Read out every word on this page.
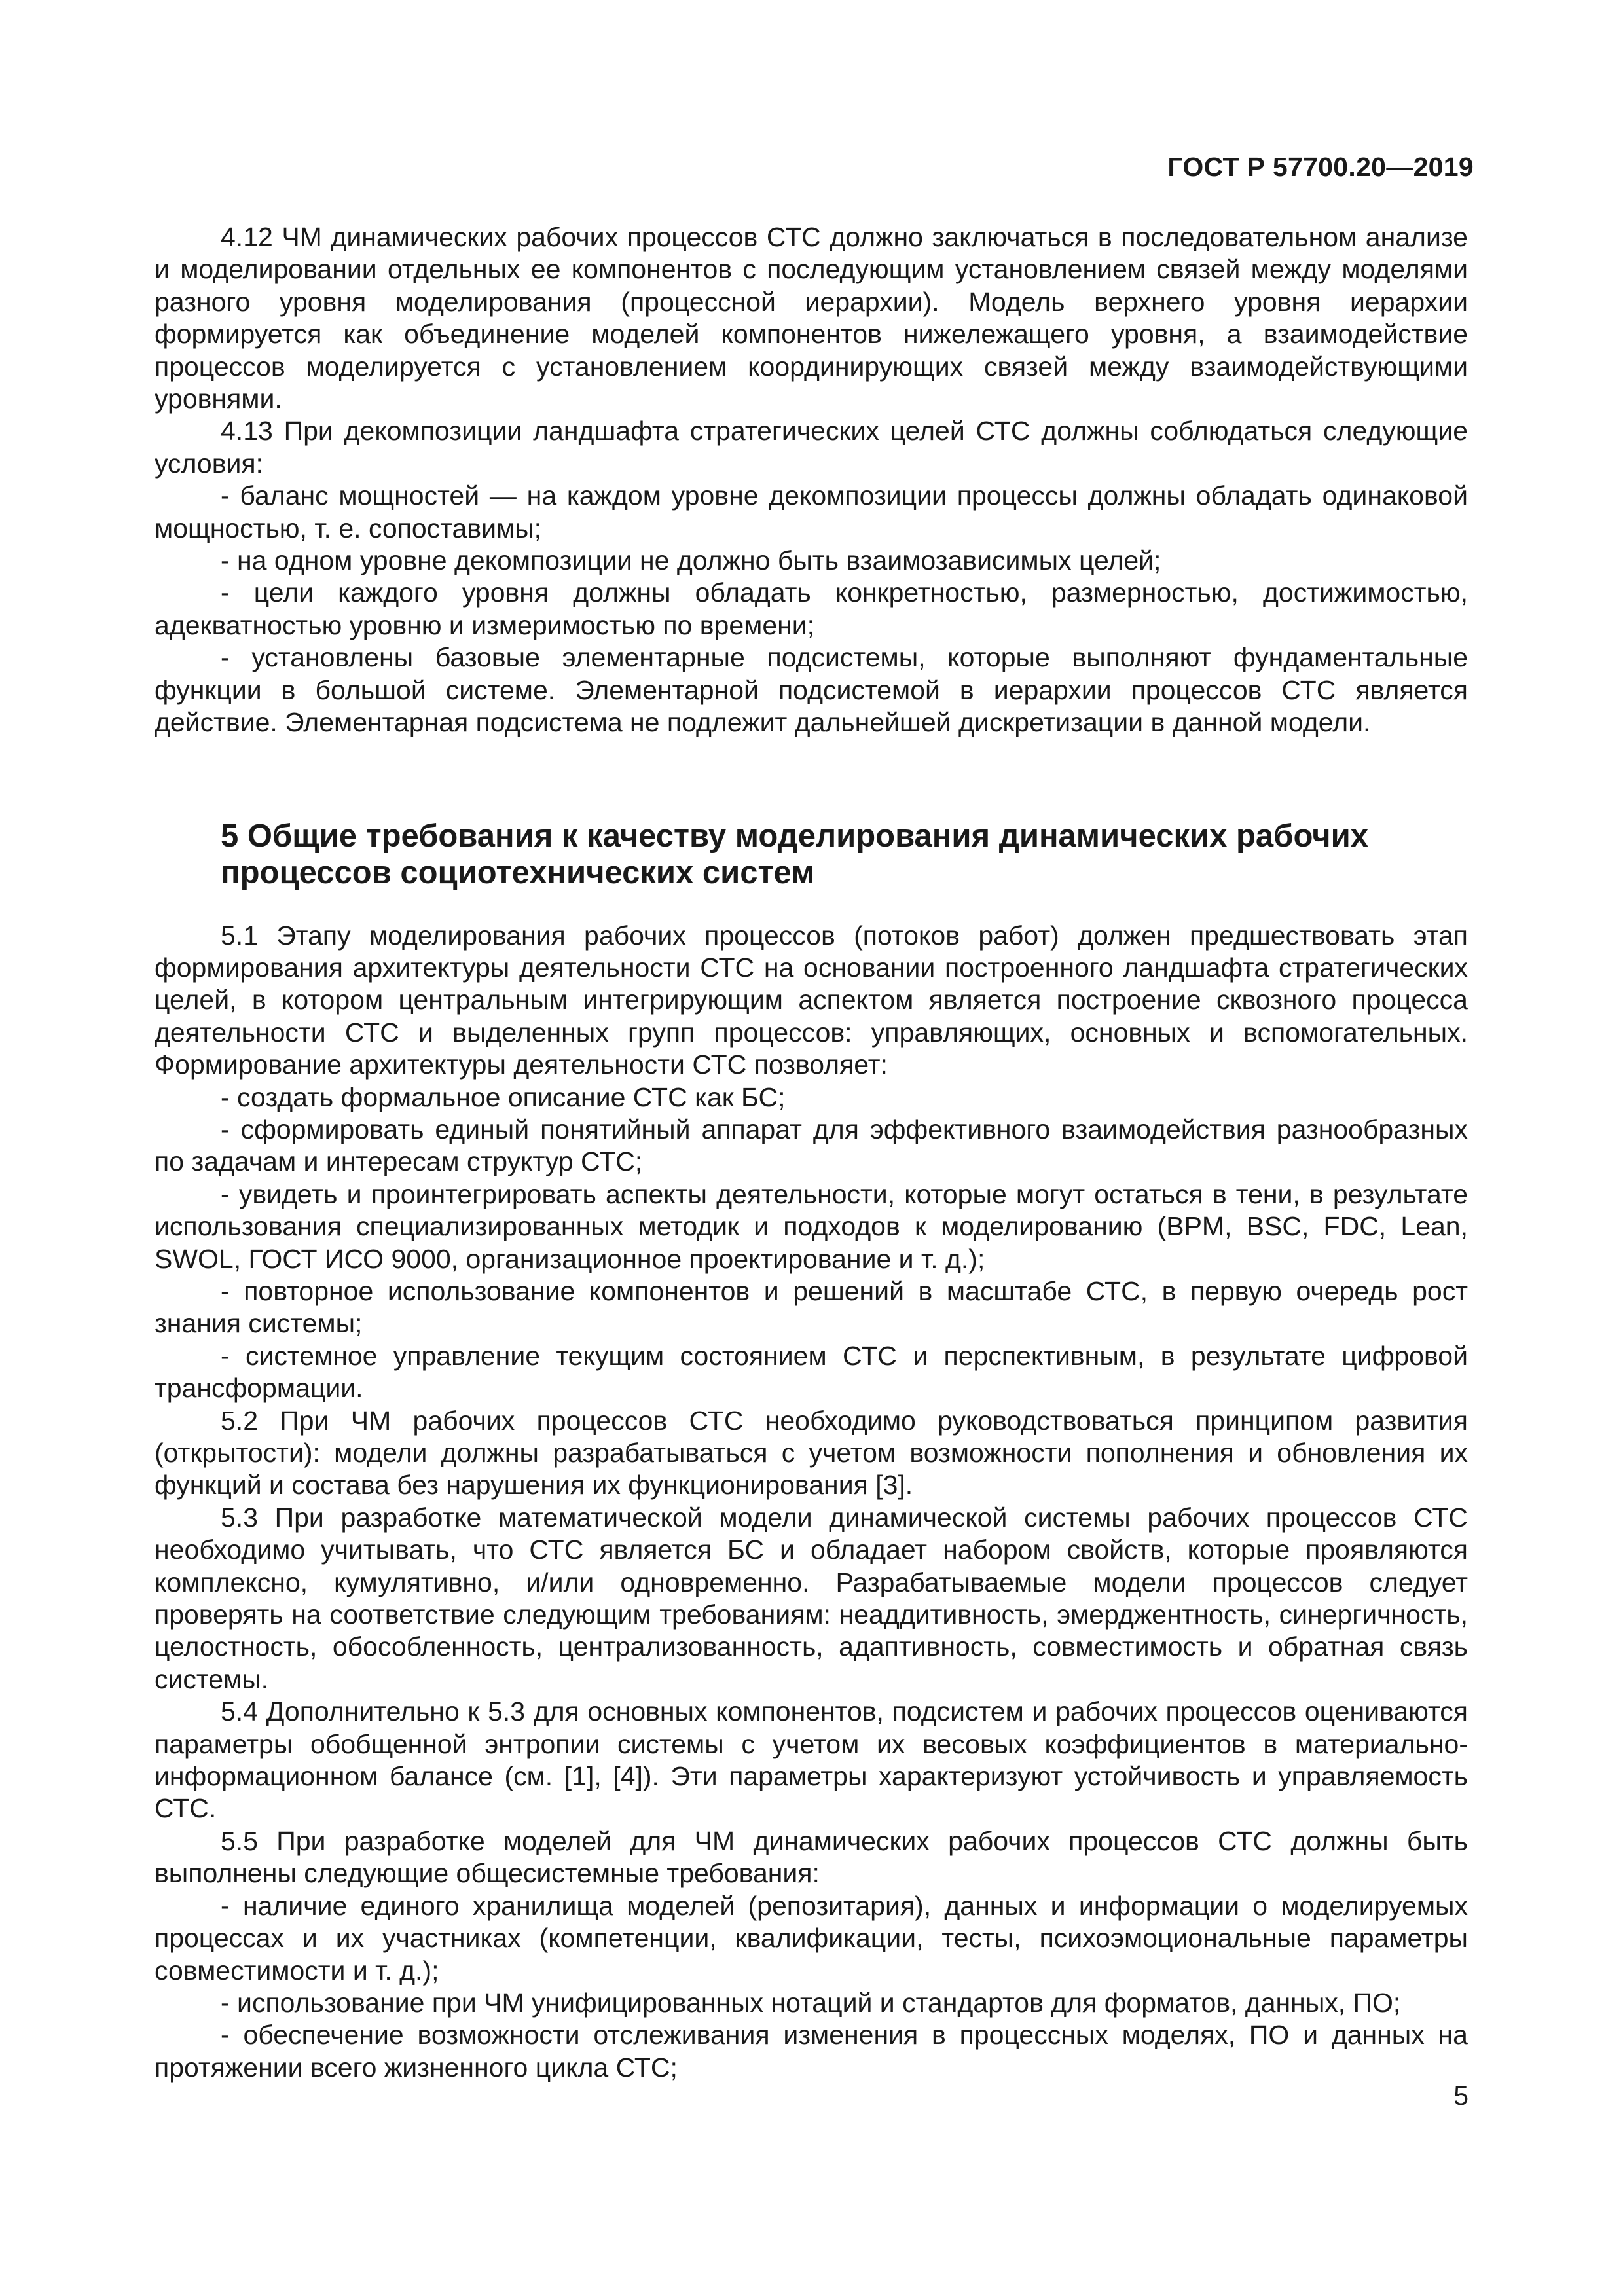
ГОСТ Р 57700.20—2019

4.12 ЧМ динамических рабочих процессов СТС должно заключаться в последовательном анализе и моделировании отдельных ее компонентов с последующим установлением связей между моделями разного уровня моделирования (процессной иерархии). Модель верхнего уровня иерархии формируется как объединение моделей компонентов нижележащего уровня, а взаимодействие процессов моделируется с установлением координирующих связей между взаимодействующими уровнями.

4.13 При декомпозиции ландшафта стратегических целей СТС должны соблюдаться следующие условия:

- баланс мощностей — на каждом уровне декомпозиции процессы должны обладать одинаковой мощностью, т. е. сопоставимы;

- на одном уровне декомпозиции не должно быть взаимозависимых целей;

- цели каждого уровня должны обладать конкретностью, размерностью, достижимостью, адекватностью уровню и измеримостью по времени;

- установлены базовые элементарные подсистемы, которые выполняют фундаментальные функции в большой системе. Элементарной подсистемой в иерархии процессов СТС является действие. Элементарная подсистема не подлежит дальнейшей дискретизации в данной модели.

5 Общие требования к качеству моделирования динамических рабочих
процессов социотехнических систем

5.1 Этапу моделирования рабочих процессов (потоков работ) должен предшествовать этап формирования архитектуры деятельности СТС на основании построенного ландшафта стратегических целей, в котором центральным интегрирующим аспектом является построение сквозного процесса деятельности СТС и выделенных групп процессов: управляющих, основных и вспомогательных. Формирование архитектуры деятельности СТС позволяет:

- создать формальное описание СТС как БС;

- сформировать единый понятийный аппарат для эффективного взаимодействия разнообразных по задачам и интересам структур СТС;

- увидеть и проинтегрировать аспекты деятельности, которые могут остаться в тени, в результате использования специализированных методик и подходов к моделированию (BPM, BSC, FDC, Lean, SWOL, ГОСТ ИСО 9000, организационное проектирование и т. д.);

- повторное использование компонентов и решений в масштабе СТС, в первую очередь рост знания системы;

- системное управление текущим состоянием СТС и перспективным, в результате цифровой трансформации.

5.2 При ЧМ рабочих процессов СТС необходимо руководствоваться принципом развития (открытости): модели должны разрабатываться с учетом возможности пополнения и обновления их функций и состава без нарушения их функционирования [3].

5.3 При разработке математической модели динамической системы рабочих процессов СТС необходимо учитывать, что СТС является БС и обладает набором свойств, которые проявляются комплексно, кумулятивно, и/или одновременно. Разрабатываемые модели процессов следует проверять на соответствие следующим требованиям: неаддитивность, эмерджентность, синергичность, целостность, обособленность, централизованность, адаптивность, совместимость и обратная связь системы.

5.4 Дополнительно к 5.3 для основных компонентов, подсистем и рабочих процессов оцениваются параметры обобщенной энтропии системы с учетом их весовых коэффициентов в материально-информационном балансе (см. [1], [4]). Эти параметры характеризуют устойчивость и управляемость СТС.

5.5 При разработке моделей для ЧМ динамических рабочих процессов СТС должны быть выполнены следующие общесистемные требования:

- наличие единого хранилища моделей (репозитария), данных и информации о моделируемых процессах и их участниках (компетенции, квалификации, тесты, психоэмоциональные параметры совместимости и т. д.);

- использование при ЧМ унифицированных нотаций и стандартов для форматов, данных, ПО;

- обеспечение возможности отслеживания изменения в процессных моделях, ПО и данных на протяжении всего жизненного цикла СТС;

5
